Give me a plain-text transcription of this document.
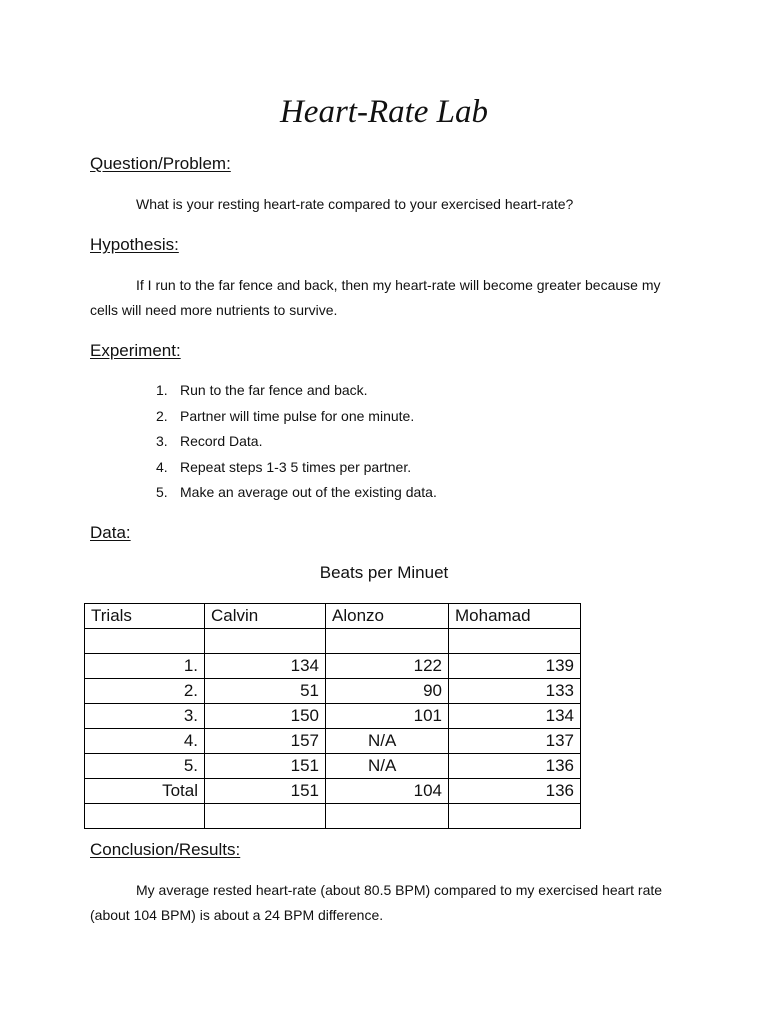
Heart-Rate Lab
Question/Problem:

What is your resting heart-rate compared to your exercised heart-rate?

Hypothesis:

If I run to the far fence and back, then my heart-rate will become greater because my cells will need more nutrients to survive.

Experiment:
1. Run to the far fence and back.
2. Partner will time pulse for one minute.
3. Record Data.
4. Repeat steps 1-3 5 times per partner.
5. Make an average out of the existing data.
Data:
Beats per Minuet
Trials	Calvin	Alonzo	Mohamad

1.	134	122	139
2.	51	90	133
3.	150	101	134
4.	157	N/A	137
5.	151	N/A	136
Total	151	104	136

Conclusion/Results:

My average rested heart-rate (about 80.5 BPM) compared to my exercised heart rate (about 104 BPM) is about a 24 BPM difference.
